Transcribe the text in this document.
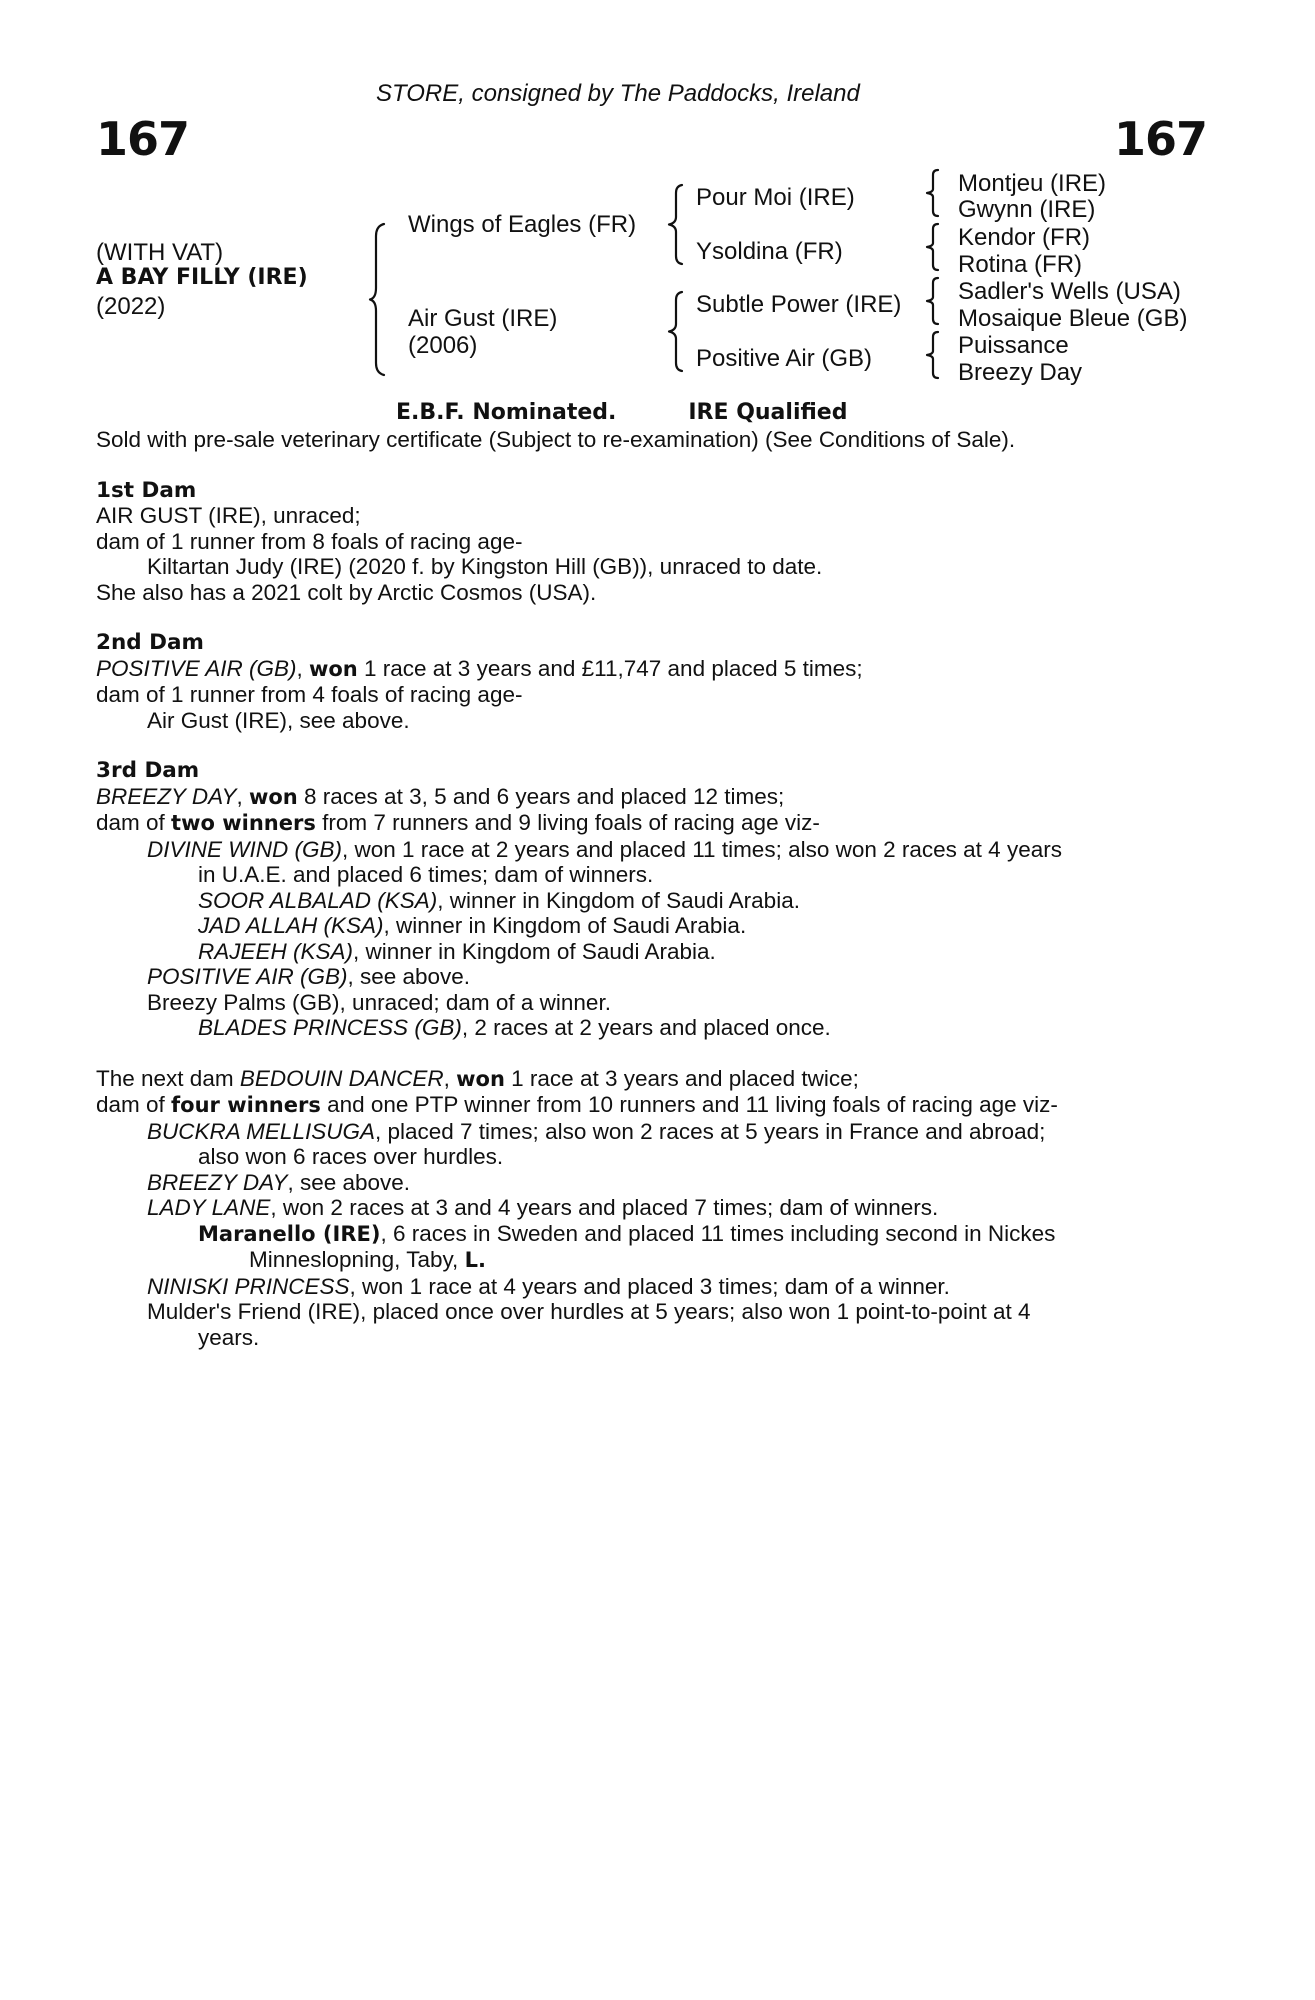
STORE, consigned by The Paddocks, Ireland
167	167
(WITH VAT)
A BAY FILLY (IRE)
(2022)
Wings of Eagles (FR)
Air Gust (IRE)
(2006)
Pour Moi (IRE)
Ysoldina (FR)
Subtle Power (IRE)
Positive Air (GB)
Montjeu (IRE)
Gwynn (IRE)
Kendor (FR)
Rotina (FR)
Sadler's Wells (USA)
Mosaique Bleue (GB)
Puissance
Breezy Day
E.B.F. Nominated.	IRE Qualified
Sold with pre-sale veterinary certificate (Subject to re-examination) (See Conditions of Sale).
1st Dam
AIR GUST (IRE), unraced;
dam of 1 runner from 8 foals of racing age-
Kiltartan Judy (IRE) (2020 f. by Kingston Hill (GB)), unraced to date.
She also has a 2021 colt by Arctic Cosmos (USA).
2nd Dam
POSITIVE AIR (GB), won 1 race at 3 years and £11,747 and placed 5 times;
dam of 1 runner from 4 foals of racing age-
Air Gust (IRE), see above.
3rd Dam
BREEZY DAY, won 8 races at 3, 5 and 6 years and placed 12 times;
dam of two winners from 7 runners and 9 living foals of racing age viz-
DIVINE WIND (GB), won 1 race at 2 years and placed 11 times; also won 2 races at 4 years
in U.A.E. and placed 6 times; dam of winners.
SOOR ALBALAD (KSA), winner in Kingdom of Saudi Arabia.
JAD ALLAH (KSA), winner in Kingdom of Saudi Arabia.
RAJEEH (KSA), winner in Kingdom of Saudi Arabia.
POSITIVE AIR (GB), see above.
Breezy Palms (GB), unraced; dam of a winner.
BLADES PRINCESS (GB), 2 races at 2 years and placed once.
The next dam BEDOUIN DANCER, won 1 race at 3 years and placed twice;
dam of four winners and one PTP winner from 10 runners and 11 living foals of racing age viz-
BUCKRA MELLISUGA, placed 7 times; also won 2 races at 5 years in France and abroad;
also won 6 races over hurdles.
BREEZY DAY, see above.
LADY LANE, won 2 races at 3 and 4 years and placed 7 times; dam of winners.
Maranello (IRE), 6 races in Sweden and placed 11 times including second in Nickes
Minneslopning, Taby, L.
NINISKI PRINCESS, won 1 race at 4 years and placed 3 times; dam of a winner.
Mulder's Friend (IRE), placed once over hurdles at 5 years; also won 1 point-to-point at 4
years.
